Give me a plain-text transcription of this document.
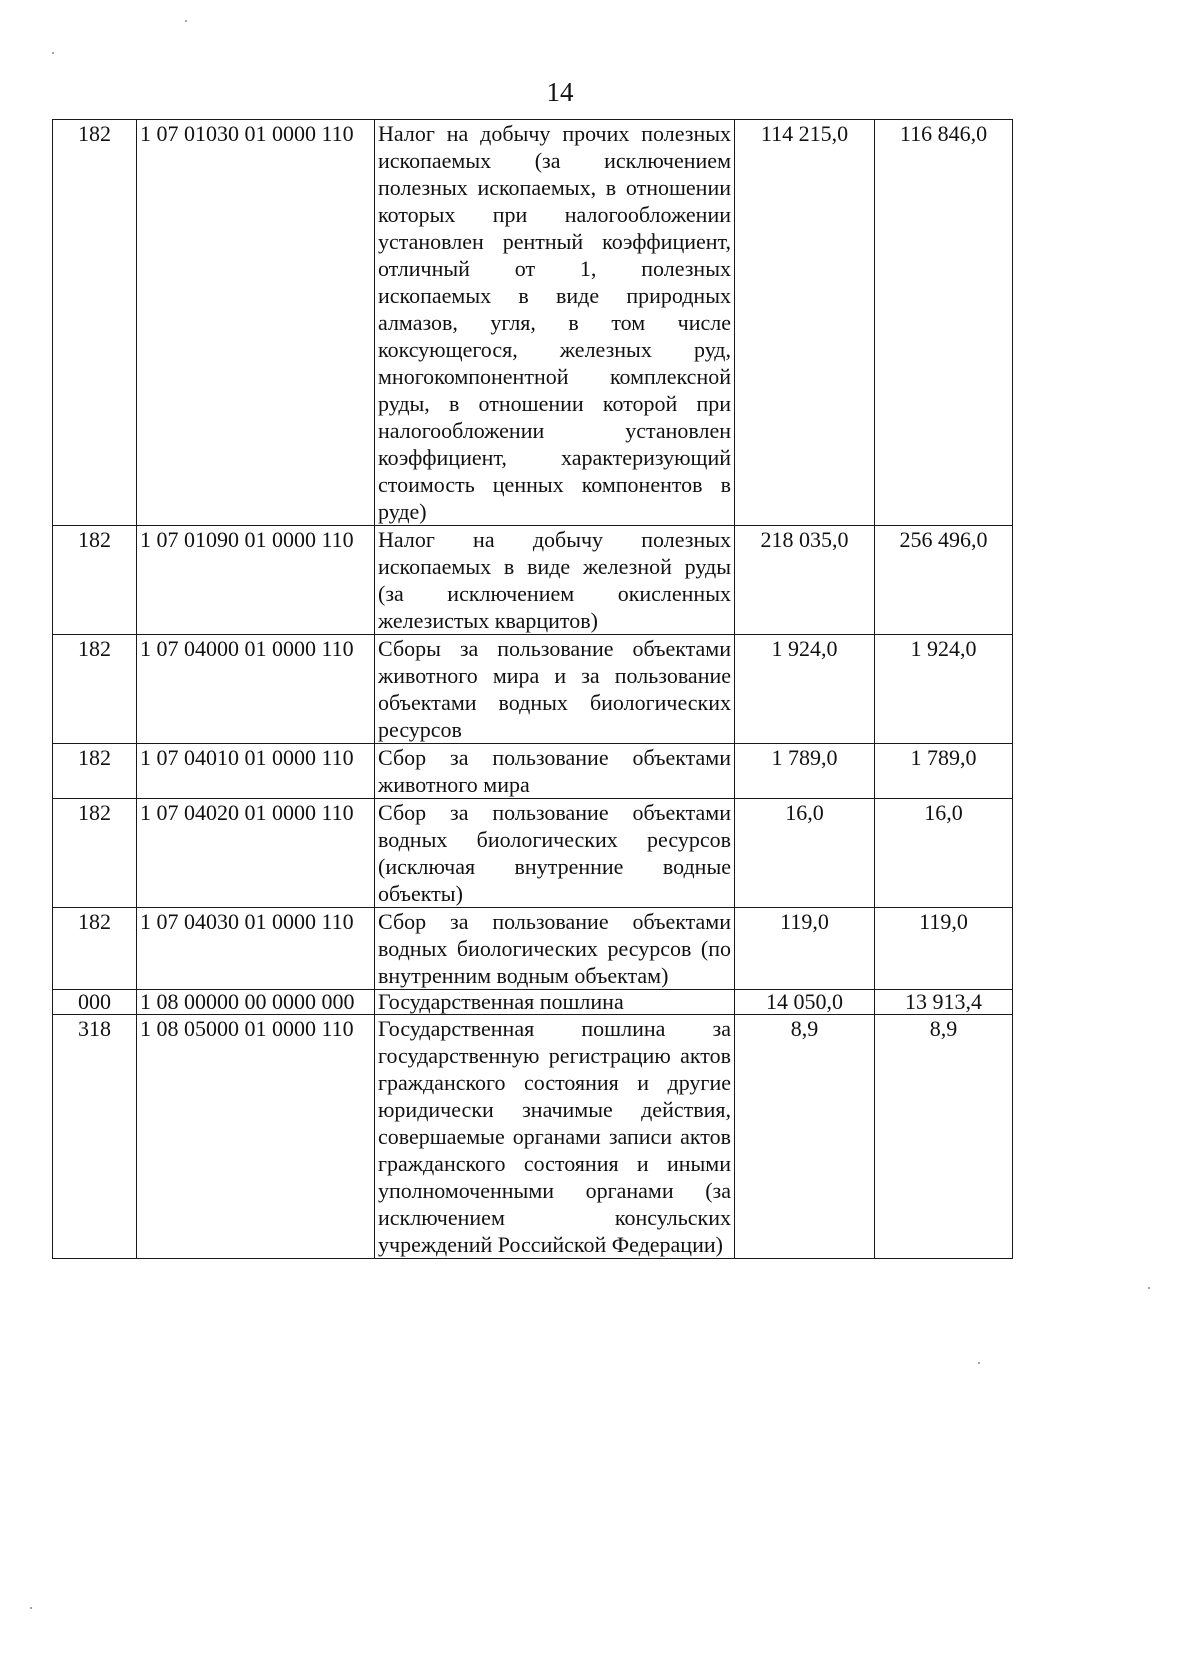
14
182	1 07 01030 01 0000 110	Налог на добычу прочих полезных ископаемых (за исключением полезных ископаемых, в отношении которых при налогообложении установлен рентный коэффициент, отличный от 1, полезных ископаемых в виде природных алмазов, угля, в том числе коксующегося, железных руд, многокомпонентной комплексной руды, в отношении которой при налогообложении установлен коэффициент, характеризующий стоимость ценных компонентов в руде)	114 215,0	116 846,0
182	1 07 01090 01 0000 110	Налог на добычу полезных ископаемых в виде железной руды (за исключением окисленных железистых кварцитов)	218 035,0	256 496,0
182	1 07 04000 01 0000 110	Сборы за пользование объектами животного мира и за пользование объектами водных биологических ресурсов	1 924,0	1 924,0
182	1 07 04010 01 0000 110	Сбор за пользование объектами животного мира	1 789,0	1 789,0
182	1 07 04020 01 0000 110	Сбор за пользование объектами водных биологических ресурсов (исключая внутренние водные объекты)	16,0	16,0
182	1 07 04030 01 0000 110	Сбор за пользование объектами водных биологических ресурсов (по внутренним водным объектам)	119,0	119,0
000	1 08 00000 00 0000 000	Государственная пошлина	14 050,0	13 913,4
318	1 08 05000 01 0000 110	Государственная пошлина за государственную регистрацию актов гражданского состояния и другие юридически значимые действия, совершаемые органами записи актов гражданского состояния и иными уполномоченными органами (за исключением консульских учреждений Российской Федерации)	8,9	8,9
